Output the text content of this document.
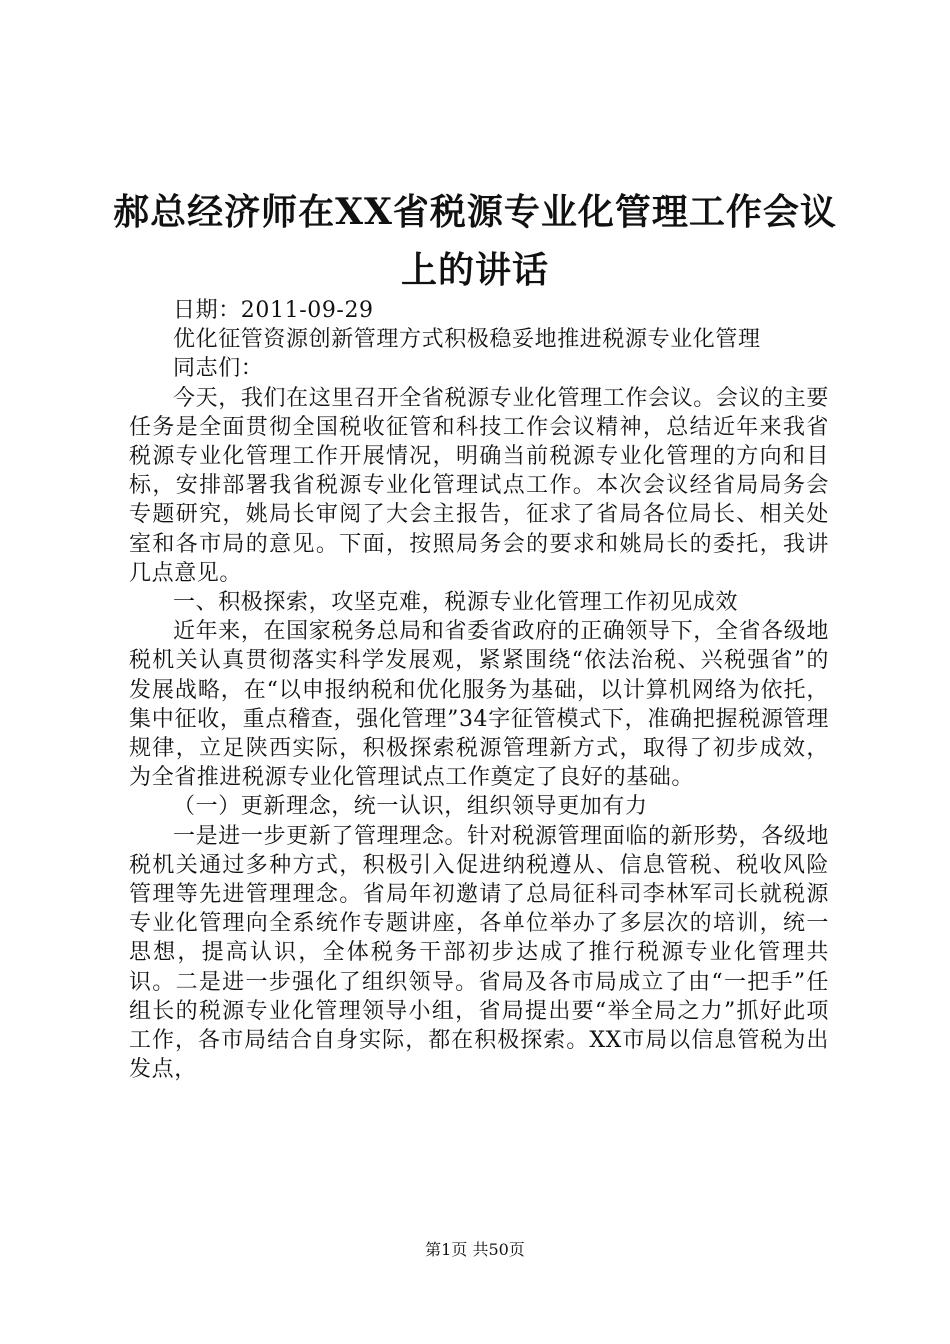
郝总经济师在XX省税源专业化管理工作会议
上的讲话

日期：2011-09-29

优化征管资源创新管理方式积极稳妥地推进税源专业化管理

同志们：

今天，我们在这里召开全省税源专业化管理工作会议。会议的主要任务是全面贯彻全国税收征管和科技工作会议精神，总结近年来我省税源专业化管理工作开展情况，明确当前税源专业化管理的方向和目标，安排部署我省税源专业化管理试点工作。本次会议经省局局务会专题研究，姚局长审阅了大会主报告，征求了省局各位局长、相关处室和各市局的意见。下面，按照局务会的要求和姚局长的委托，我讲几点意见。

一、积极探索，攻坚克难，税源专业化管理工作初见成效

近年来，在国家税务总局和省委省政府的正确领导下，全省各级地税机关认真贯彻落实科学发展观，紧紧围绕“依法治税、兴税强省”的发展战略，在“以申报纳税和优化服务为基础，以计算机网络为依托，集中征收，重点稽查，强化管理”34字征管模式下，准确把握税源管理规律，立足陕西实际，积极探索税源管理新方式，取得了初步成效，为全省推进税源专业化管理试点工作奠定了良好的基础。

（一）更新理念，统一认识，组织领导更加有力

一是进一步更新了管理理念。针对税源管理面临的新形势，各级地税机关通过多种方式，积极引入促进纳税遵从、信息管税、税收风险管理等先进管理理念。省局年初邀请了总局征科司李林军司长就税源专业化管理向全系统作专题讲座，各单位举办了多层次的培训，统一思想，提高认识，全体税务干部初步达成了推行税源专业化管理共识。二是进一步强化了组织领导。省局及各市局成立了由“一把手”任组长的税源专业化管理领导小组，省局提出要“举全局之力”抓好此项工作，各市局结合自身实际，都在积极探索。XX市局以信息管税为出发点，

第1页 共50页
